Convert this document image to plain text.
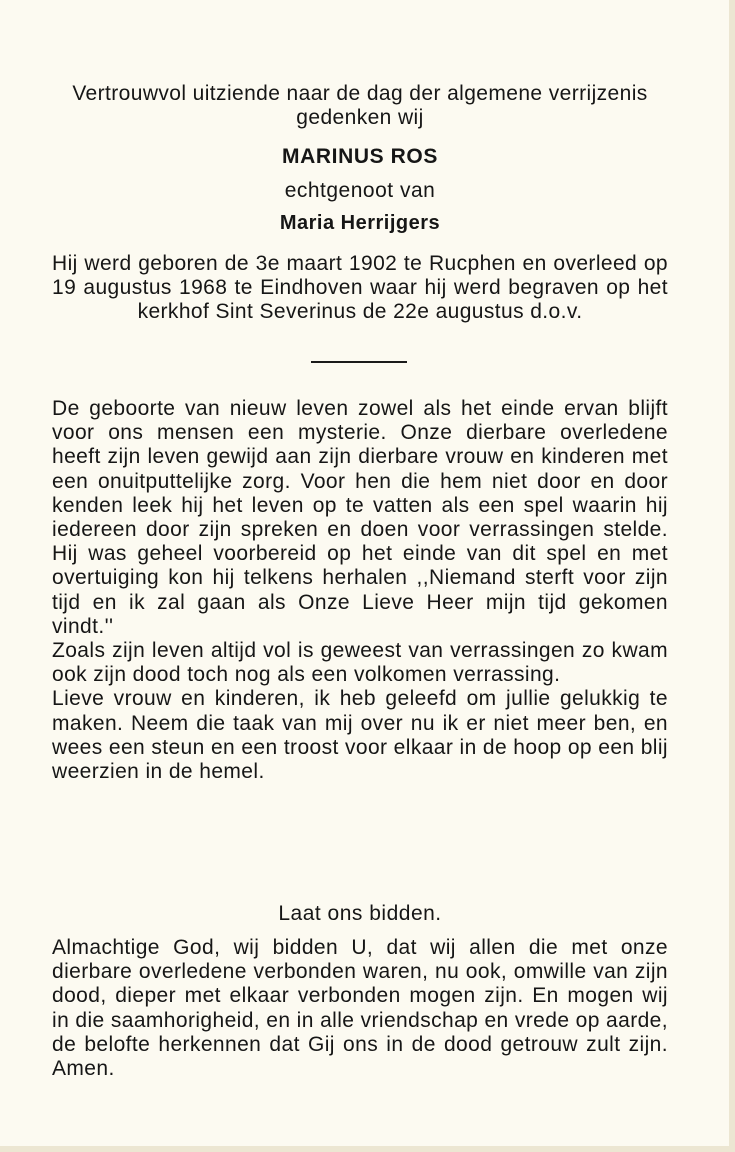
Vertrouwvol uitziende naar de dag der algemene verrijzenis gedenken wij

MARINUS ROS
echtgenoot van
Maria Herrijgers

Hij werd geboren de 3e maart 1902 te Rucphen en overleed op 19 augustus 1968 te Eindhoven waar hij werd begraven op het kerkhof Sint Severinus de 22e augustus d.o.v.

De geboorte van nieuw leven zowel als het einde ervan blijft voor ons mensen een mysterie. Onze dierbare overledene heeft zijn leven gewijd aan zijn dierbare vrouw en kinderen met een onuitputtelijke zorg. Voor hen die hem niet door en door kenden leek hij het leven op te vatten als een spel waarin hij iedereen door zijn spreken en doen voor verrassingen stelde. Hij was geheel voorbereid op het einde van dit spel en met overtuiging kon hij telkens herhalen ,,Niemand sterft voor zijn tijd en ik zal gaan als Onze Lieve Heer mijn tijd gekomen vindt.''

Zoals zijn leven altijd vol is geweest van verrassingen zo kwam ook zijn dood toch nog als een volkomen verrassing.

Lieve vrouw en kinderen, ik heb geleefd om jullie gelukkig te maken. Neem die taak van mij over nu ik er niet meer ben, en wees een steun en een troost voor elkaar in de hoop op een blij weerzien in de hemel.

Laat ons bidden.

Almachtige God, wij bidden U, dat wij allen die met onze dierbare overledene verbonden waren, nu ook, omwille van zijn dood, dieper met elkaar verbonden mogen zijn. En mogen wij in die saamhorigheid, en in alle vriendschap en vrede op aarde, de belofte herkennen dat Gij ons in de dood getrouw zult zijn. Amen.
